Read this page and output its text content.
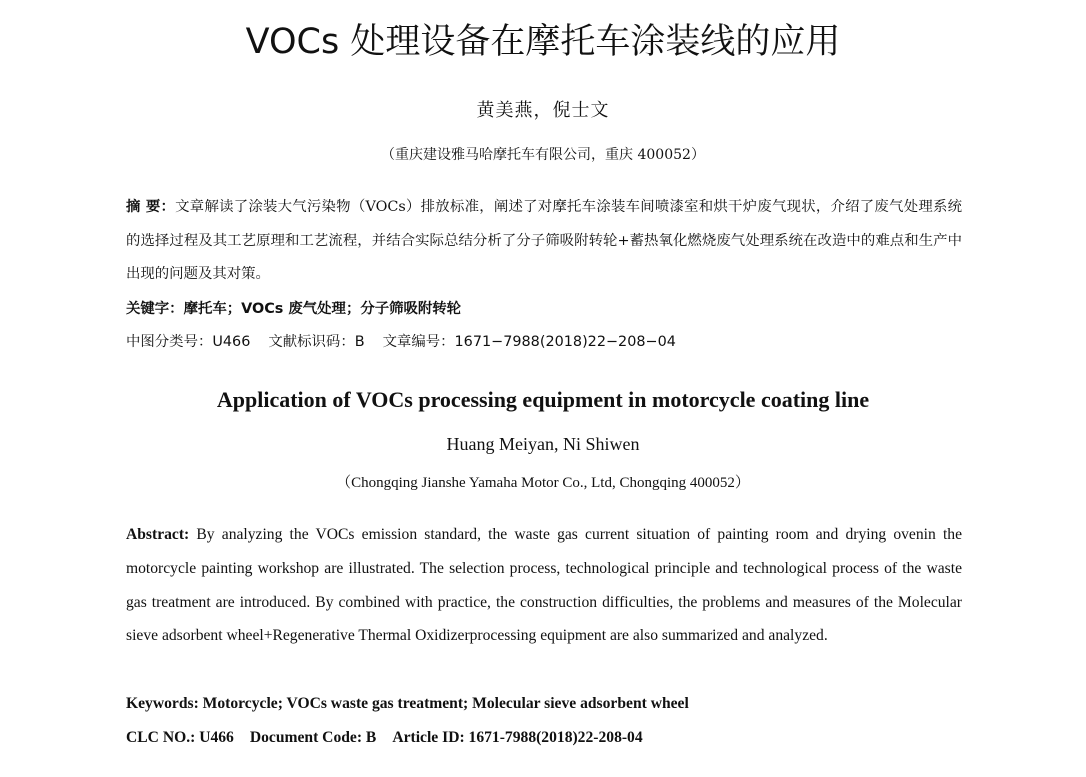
VOCs 处理设备在摩托车涂装线的应用
黄美燕，倪士文
（重庆建设雅马哈摩托车有限公司，重庆 400052）
摘 要：文章解读了涂装大气污染物（VOCs）排放标准，阐述了对摩托车涂装车间喷漆室和烘干炉废气现状，介绍了废气处理系统的选择过程及其工艺原理和工艺流程，并结合实际总结分析了分子筛吸附转轮+蓄热氧化燃烧废气处理系统在改造中的难点和生产中出现的问题及其对策。
关键字：摩托车；VOCs 废气处理；分子筛吸附转轮
中图分类号：U466 文献标识码：B 文章编号：1671−7988(2018)22−208−04
Application of VOCs processing equipment in motorcycle coating line
Huang Meiyan, Ni Shiwen
（Chongqing Jianshe Yamaha Motor Co., Ltd, Chongqing 400052）
Abstract: By analyzing the VOCs emission standard, the waste gas current situation of painting room and drying ovenin the motorcycle painting workshop are illustrated. The selection process, technological principle and technological process of the waste gas treatment are introduced. By combined with practice, the construction difficulties, the problems and measures of the Molecular sieve adsorbent wheel+Regenerative Thermal Oxidizerprocessing equipment are also summarized and analyzed.
Keywords: Motorcycle; VOCs waste gas treatment; Molecular sieve adsorbent wheel
CLC NO.: U466 Document Code: B Article ID: 1671-7988(2018)22-208-04
